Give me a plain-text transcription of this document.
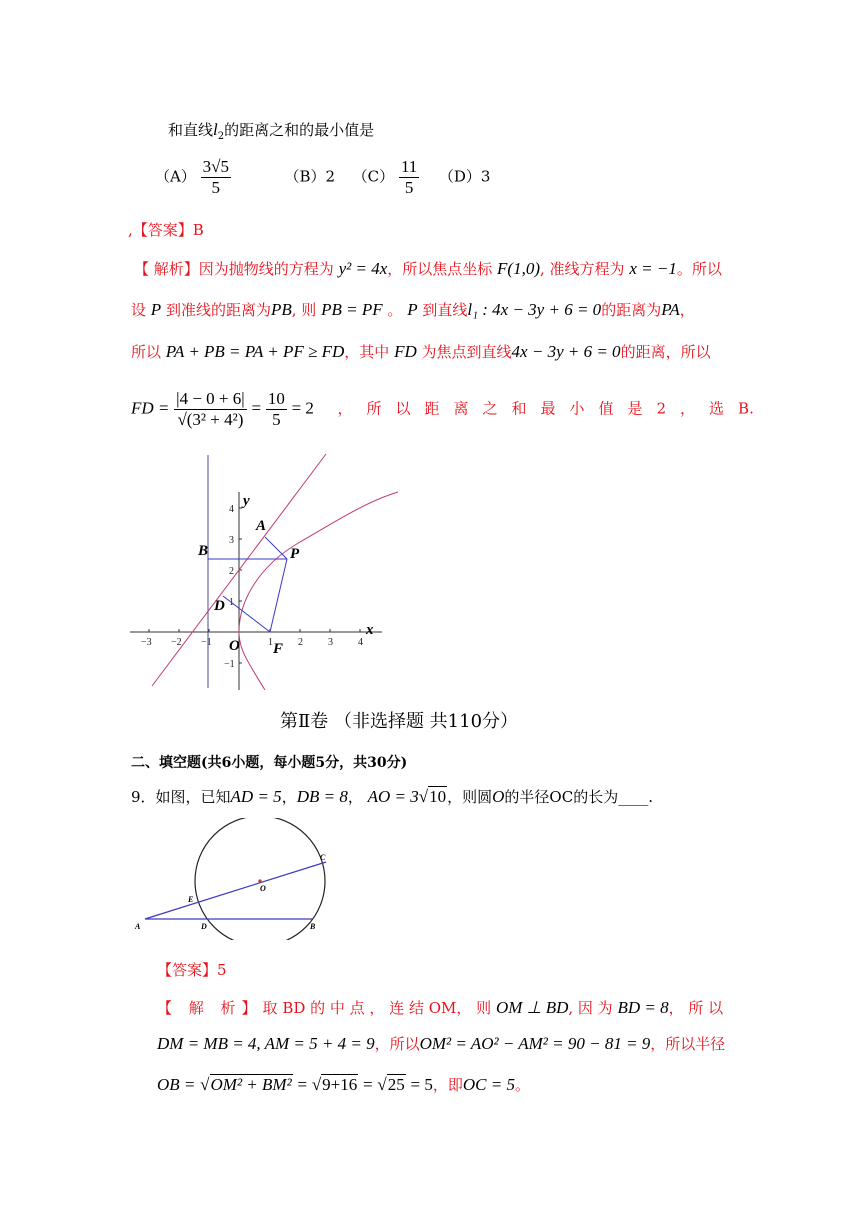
和直线$l_2$的距离之和的最小值是
$(A) \frac{3√5}{5}$	（B）2 $(C) \frac{11}{5} (D)3$
,【答案】B
【 解析】因为抛物线的方程为 y² = 4x，所以焦点坐标 F(1,0), 准线方程为 x = −1。所以
设 P 到准线的距离为PB, 则 PB = PF 。 P 到直线l₁ : 4x − 3y + 6 = 0的距离为PA，
所以 PA + PB = PA + PF ≥ FD，其中 FD 为焦点到直线4x − 3y + 6 = 0的距离，所以
FD = $\frac{|4 - 0 + 6|}{\text{√(3² + 4²)}} = \frac{10}{5} = 2$ ，所以距离之和最小值是2，选B.
−3 −2 −1	1	2	3	4
4
3
2
1
−1
y
x
A
B	P
D
O F
第Ⅱ卷 （非选择题 共110分）
二、填空题(共6小题，每小题5分，共30分)
9．如图，已知AD = 5，DB = 8， AO = 3√10，则圆O的半径OC的长为____.
A	D	B
E
O
C
【答案】5
【 解 析】取 BD 的 中 点 ， 连 结 OM， 则 OM ⊥ BD, 因 为 BD = 8， 所 以
DM = MB = 4, AM = 5 + 4 = 9，所以OM² = AO² − AM² = 90 − 81 = 9，所以半径
OB = √OM² + BM² = √9+16 = √25 = 5，即OC = 5。
